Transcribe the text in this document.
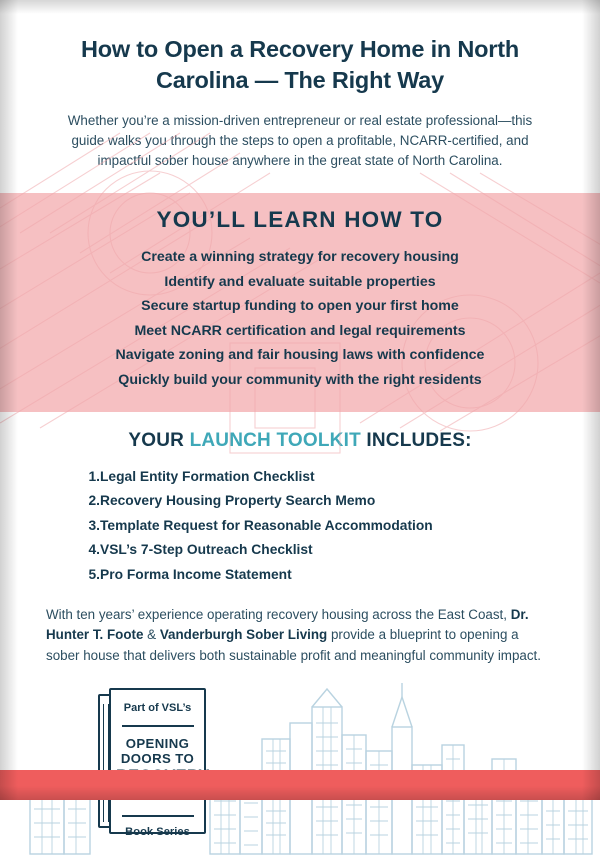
How to Open a Recovery Home in North Carolina — The Right Way
Whether you’re a mission-driven entrepreneur or real estate professional—this guide walks you through the steps to open a profitable, NCARR-certified, and impactful sober house anywhere in the great state of North Carolina.
YOU’LL LEARN HOW TO
Create a winning strategy for recovery housing
Identify and evaluate suitable properties
Secure startup funding to open your first home
Meet NCARR certification and legal requirements
Navigate zoning and fair housing laws with confidence
Quickly build your community with the right residents
YOUR LAUNCH TOOLKIT INCLUDES:
Legal Entity Formation Checklist
Recovery Housing Property Search Memo
Template Request for Reasonable Accommodation
VSL’s 7-Step Outreach Checklist
Pro Forma Income Statement
With ten years’ experience operating recovery housing across the East Coast, Dr. Hunter T. Foote & Vanderburgh Sober Living provide a blueprint to opening a sober house that delivers both sustainable profit and meaningful community impact.
Part of VSL’s
OPENING
DOORS TO
Book Series
